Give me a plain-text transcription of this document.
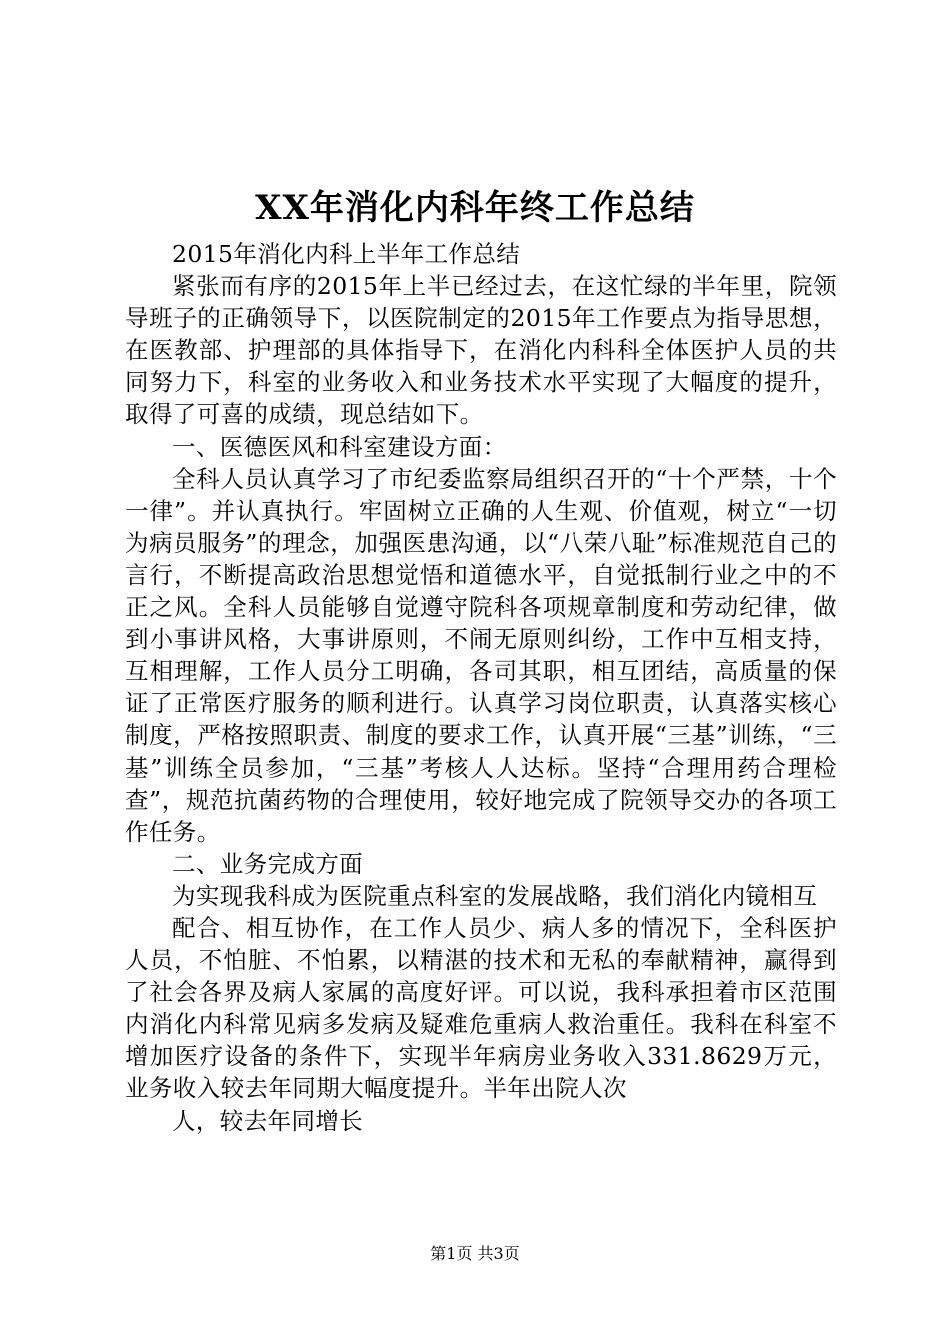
XX年消化内科年终工作总结

2015年消化内科上半年工作总结

紧张而有序的2015年上半已经过去，在这忙绿的半年里，院领导班子的正确领导下，以医院制定的2015年工作要点为指导思想，在医教部、护理部的具体指导下，在消化内科科全体医护人员的共同努力下，科室的业务收入和业务技术水平实现了大幅度的提升，取得了可喜的成绩，现总结如下。

一、医德医风和科室建设方面：

全科人员认真学习了市纪委监察局组织召开的“十个严禁，十个一律”。并认真执行。牢固树立正确的人生观、价值观，树立“一切为病员服务”的理念，加强医患沟通，以“八荣八耻”标准规范自己的言行，不断提高政治思想觉悟和道德水平，自觉抵制行业之中的不正之风。全科人员能够自觉遵守院科各项规章制度和劳动纪律，做到小事讲风格，大事讲原则，不闹无原则纠纷，工作中互相支持，互相理解，工作人员分工明确，各司其职，相互团结，高质量的保证了正常医疗服务的顺利进行。认真学习岗位职责，认真落实核心制度，严格按照职责、制度的要求工作，认真开展“三基”训练，“三基”训练全员参加，“三基”考核人人达标。坚持“合理用药合理检查”，规范抗菌药物的合理使用，较好地完成了院领导交办的各项工作任务。

二、业务完成方面

为实现我科成为医院重点科室的发展战略，我们消化内镜相互

配合、相互协作，在工作人员少、病人多的情况下，全科医护人员，不怕脏、不怕累，以精湛的技术和无私的奉献精神，赢得到了社会各界及病人家属的高度好评。可以说，我科承担着市区范围内消化内科常见病多发病及疑难危重病人救治重任。我科在科室不增加医疗设备的条件下，实现半年病房业务收入331.8629万元，业务收入较去年同期大幅度提升。半年出院人次

人，较去年同增长

第1页 共3页
